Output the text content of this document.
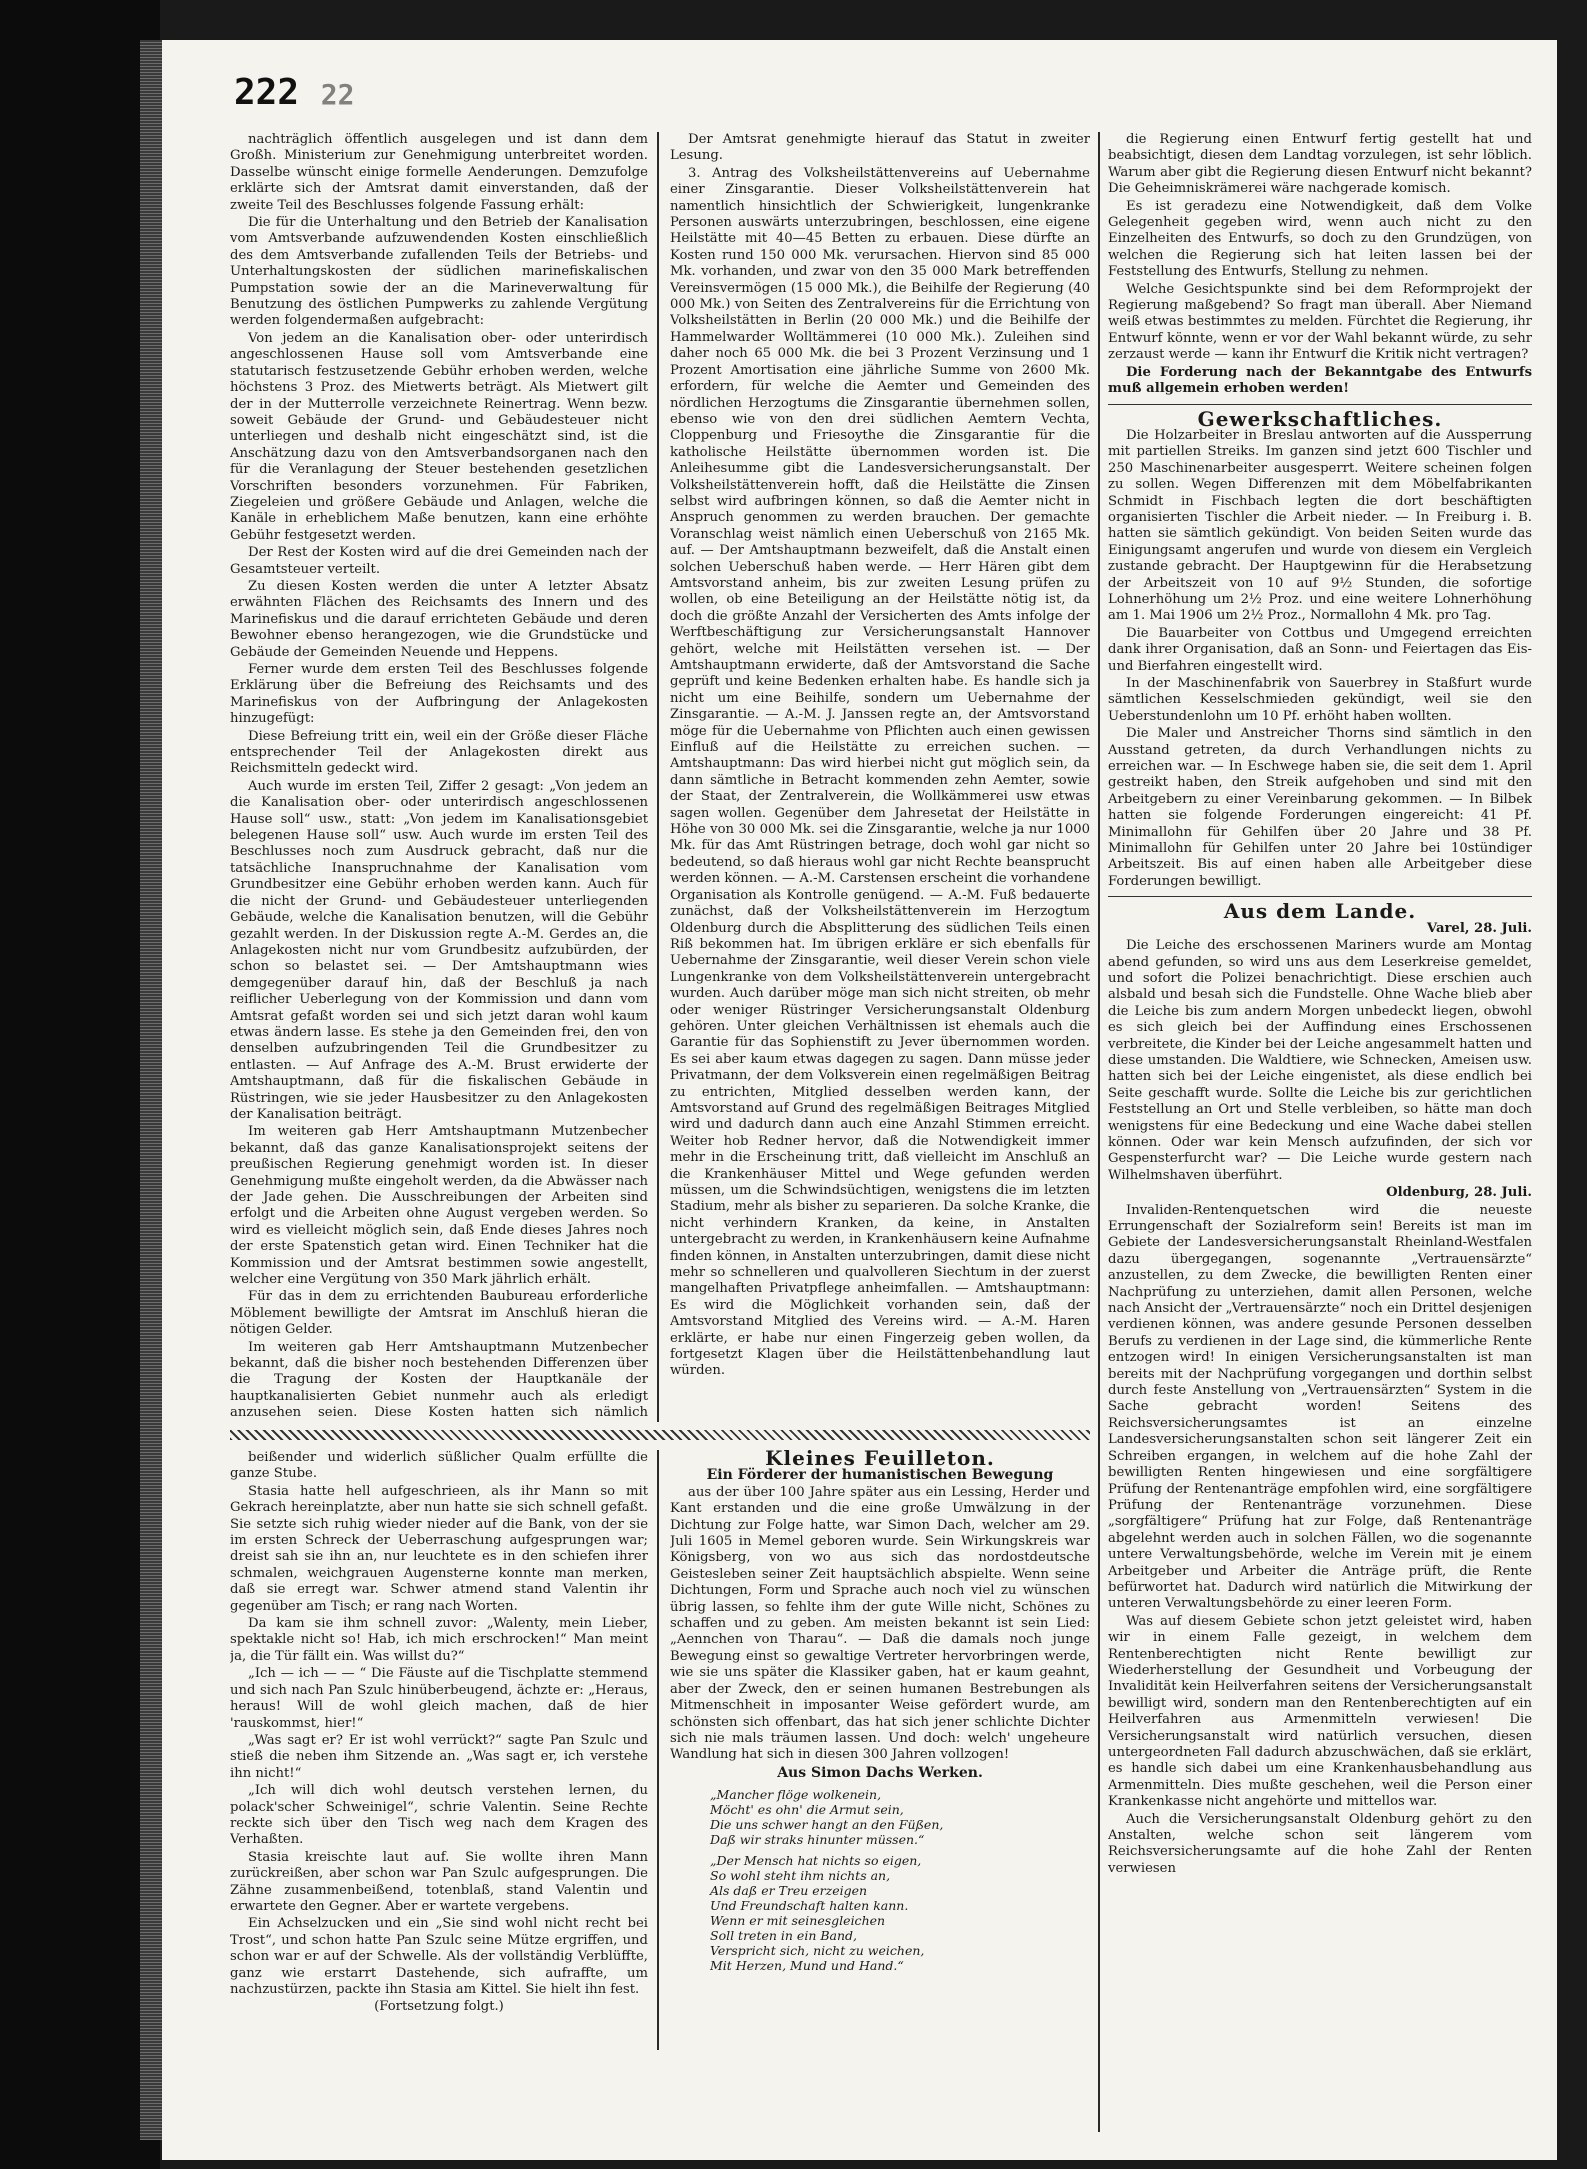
222 22

nachträglich öffentlich ausgelegen und ist dann dem Großh. Ministerium zur Genehmigung unterbreitet worden. Dasselbe wünscht einige formelle Aenderungen. Demzufolge erklärte sich der Amtsrat damit einverstanden, daß der zweite Teil des Beschlusses folgende Fassung erhält:

Die für die Unterhaltung und den Betrieb der Kanalisation vom Amtsverbande aufzuwendenden Kosten einschließlich des dem Amtsverbande zufallenden Teils der Betriebs- und Unterhaltungskosten der südlichen marinefiskalischen Pumpstation sowie der an die Marineverwaltung für Benutzung des östlichen Pumpwerks zu zahlende Vergütung werden folgendermaßen aufgebracht:

Von jedem an die Kanalisation ober- oder unterirdisch angeschlossenen Hause soll vom Amtsverbande eine statutarisch festzusetzende Gebühr erhoben werden, welche höchstens 3 Proz. des Mietwerts beträgt. Als Mietwert gilt der in der Mutterrolle verzeichnete Reinertrag. Wenn bezw. soweit Gebäude der Grund- und Gebäudesteuer nicht unterliegen und deshalb nicht eingeschätzt sind, ist die Anschätzung dazu von den Amtsverbandsorganen nach den für die Veranlagung der Steuer bestehenden gesetzlichen Vorschriften besonders vorzunehmen. Für Fabriken, Ziegeleien und größere Gebäude und Anlagen, welche die Kanäle in erheblichem Maße benutzen, kann eine erhöhte Gebühr festgesetzt werden.

Der Rest der Kosten wird auf die drei Gemeinden nach der Gesamtsteuer verteilt.

Zu diesen Kosten werden die unter A letzter Absatz erwähnten Flächen des Reichsamts des Innern und des Marinefiskus und die darauf errichteten Gebäude und deren Bewohner ebenso herangezogen, wie die Grundstücke und Gebäude der Gemeinden Neuende und Heppens.

Ferner wurde dem ersten Teil des Beschlusses folgende Erklärung über die Befreiung des Reichsamts und des Marinefiskus von der Aufbringung der Anlagekosten hinzugefügt:

Diese Befreiung tritt ein, weil ein der Größe dieser Fläche entsprechender Teil der Anlagekosten direkt aus Reichsmitteln gedeckt wird.

Auch wurde im ersten Teil, Ziffer 2 gesagt: „Von jedem an die Kanalisation ober- oder unterirdisch angeschlossenen Hause soll“ usw., statt: „Von jedem im Kanalisationsgebiet belegenen Hause soll“ usw. Auch wurde im ersten Teil des Beschlusses noch zum Ausdruck gebracht, daß nur die tatsächliche Inanspruchnahme der Kanalisation vom Grundbesitzer eine Gebühr erhoben werden kann. Auch für die nicht der Grund- und Gebäudesteuer unterliegenden Gebäude, welche die Kanalisation benutzen, will die Gebühr gezahlt werden. In der Diskussion regte A.-M. Gerdes an, die Anlagekosten nicht nur vom Grundbesitz aufzubürden, der schon so belastet sei. — Der Amtshauptmann wies demgegenüber darauf hin, daß der Beschluß ja nach reiflicher Ueberlegung von der Kommission und dann vom Amtsrat gefaßt worden sei und sich jetzt daran wohl kaum etwas ändern lasse. Es stehe ja den Gemeinden frei, den von denselben aufzubringenden Teil die Grundbesitzer zu entlasten. — Auf Anfrage des A.-M. Brust erwiderte der Amtshauptmann, daß für die fiskalischen Gebäude in Rüstringen, wie sie jeder Hausbesitzer zu den Anlagekosten der Kanalisation beiträgt.

Im weiteren gab Herr Amtshauptmann Mutzenbecher bekannt, daß das ganze Kanalisationsprojekt seitens der preußischen Regierung genehmigt worden ist. In dieser Genehmigung mußte eingeholt werden, da die Abwässer nach der Jade gehen. Die Ausschreibungen der Arbeiten sind erfolgt und die Arbeiten ohne August vergeben werden. So wird es vielleicht möglich sein, daß Ende dieses Jahres noch der erste Spatenstich getan wird. Einen Techniker hat die Kommission und der Amtsrat bestimmen sowie angestellt, welcher eine Vergütung von 350 Mark jährlich erhält.

Für das in dem zu errichtenden Baubureau erforderliche Möblement bewilligte der Amtsrat im Anschluß hieran die nötigen Gelder.

Im weiteren gab Herr Amtshauptmann Mutzenbecher bekannt, daß die bisher noch bestehenden Differenzen über die Tragung der Kosten der Hauptkanäle der hauptkanalisierten Gebiet nunmehr auch als erledigt anzusehen seien. Diese Kosten hatten sich nämlich

Der Amtsrat genehmigte hierauf das Statut in zweiter Lesung.

3. Antrag des Volksheilstättenvereins auf Uebernahme einer Zinsgarantie. Dieser Volksheilstättenverein hat namentlich hinsichtlich der Schwierigkeit, lungenkranke Personen auswärts unterzubringen, beschlossen, eine eigene Heilstätte mit 40—45 Betten zu erbauen. Diese dürfte an Kosten rund 150 000 Mk. verursachen. Hiervon sind 85 000 Mk. vorhanden, und zwar von den 35 000 Mark betreffenden Vereinsvermögen (15 000 Mk.), die Beihilfe der Regierung (40 000 Mk.) von Seiten des Zentralvereins für die Errichtung von Volksheilstätten in Berlin (20 000 Mk.) und die Beihilfe der Hammelwarder Wolltämmerei (10 000 Mk.). Zuleihen sind daher noch 65 000 Mk. die bei 3 Prozent Verzinsung und 1 Prozent Amortisation eine jährliche Summe von 2600 Mk. erfordern, für welche die Aemter und Gemeinden des nördlichen Herzogtums die Zinsgarantie übernehmen sollen, ebenso wie von den drei südlichen Aemtern Vechta, Cloppenburg und Friesoythe die Zinsgarantie für die katholische Heilstätte übernommen worden ist. Die Anleihesumme gibt die Landesversicherungsanstalt. Der Volksheilstättenverein hofft, daß die Heilstätte die Zinsen selbst wird aufbringen können, so daß die Aemter nicht in Anspruch genommen zu werden brauchen. Der gemachte Voranschlag weist nämlich einen Ueberschuß von 2165 Mk. auf. — Der Amtshauptmann bezweifelt, daß die Anstalt einen solchen Ueberschuß haben werde. — Herr Hären gibt dem Amtsvorstand anheim, bis zur zweiten Lesung prüfen zu wollen, ob eine Beteiligung an der Heilstätte nötig ist, da doch die größte Anzahl der Versicherten des Amts infolge der Werftbeschäftigung zur Versicherungsanstalt Hannover gehört, welche mit Heilstätten versehen ist. — Der Amtshauptmann erwiderte, daß der Amtsvorstand die Sache geprüft und keine Bedenken erhalten habe. Es handle sich ja nicht um eine Beihilfe, sondern um Uebernahme der Zinsgarantie. — A.-M. J. Janssen regte an, der Amtsvorstand möge für die Uebernahme von Pflichten auch einen gewissen Einfluß auf die Heilstätte zu erreichen suchen. — Amtshauptmann: Das wird hierbei nicht gut möglich sein, da dann sämtliche in Betracht kommenden zehn Aemter, sowie der Staat, der Zentralverein, die Wollkämmerei usw etwas sagen wollen. Gegenüber dem Jahresetat der Heilstätte in Höhe von 30 000 Mk. sei die Zinsgarantie, welche ja nur 1000 Mk. für das Amt Rüstringen betrage, doch wohl gar nicht so bedeutend, so daß hieraus wohl gar nicht Rechte beansprucht werden können. — A.-M. Carstensen erscheint die vorhandene Organisation als Kontrolle genügend. — A.-M. Fuß bedauerte zunächst, daß der Volksheilstättenverein im Herzogtum Oldenburg durch die Absplitterung des südlichen Teils einen Riß bekommen hat. Im übrigen erkläre er sich ebenfalls für Uebernahme der Zinsgarantie, weil dieser Verein schon viele Lungenkranke von dem Volksheilstättenverein untergebracht wurden. Auch darüber möge man sich nicht streiten, ob mehr oder weniger Rüstringer Versicherungsanstalt Oldenburg gehören. Unter gleichen Verhältnissen ist ehemals auch die Garantie für das Sophienstift zu Jever übernommen worden. Es sei aber kaum etwas dagegen zu sagen. Dann müsse jeder Privatmann, der dem Volksverein einen regelmäßigen Beitrag zu entrichten, Mitglied desselben werden kann, der Amtsvorstand auf Grund des regelmäßigen Beitrages Mitglied wird und dadurch dann auch eine Anzahl Stimmen erreicht. Weiter hob Redner hervor, daß die Notwendigkeit immer mehr in die Erscheinung tritt, daß vielleicht im Anschluß an die Krankenhäuser Mittel und Wege gefunden werden müssen, um die Schwindsüchtigen, wenigstens die im letzten Stadium, mehr als bisher zu separieren. Da solche Kranke, die nicht verhindern Kranken, da keine, in Anstalten untergebracht zu werden, in Krankenhäusern keine Aufnahme finden können, in Anstalten unterzubringen, damit diese nicht mehr so schnelleren und qualvolleren Siechtum in der zuerst mangelhaften Privatpflege anheimfallen. — Amtshauptmann: Es wird die Möglichkeit vorhanden sein, daß der Amtsvorstand Mitglied des Vereins wird. — A.-M. Haren erklärte, er habe nur einen Fingerzeig geben wollen, da fortgesetzt Klagen über die Heilstättenbehandlung laut würden.

die Regierung einen Entwurf fertig gestellt hat und beabsichtigt, diesen dem Landtag vorzulegen, ist sehr löblich. Warum aber gibt die Regierung diesen Entwurf nicht bekannt? Die Geheimniskrämerei wäre nachgerade komisch.

Es ist geradezu eine Notwendigkeit, daß dem Volke Gelegenheit gegeben wird, wenn auch nicht zu den Einzelheiten des Entwurfs, so doch zu den Grundzügen, von welchen die Regierung sich hat leiten lassen bei der Feststellung des Entwurfs, Stellung zu nehmen.

Welche Gesichtspunkte sind bei dem Reformprojekt der Regierung maßgebend? So fragt man überall. Aber Niemand weiß etwas bestimmtes zu melden. Fürchtet die Regierung, ihr Entwurf könnte, wenn er vor der Wahl bekannt würde, zu sehr zerzaust werde — kann ihr Entwurf die Kritik nicht vertragen?

Die Forderung nach der Bekanntgabe des Entwurfs muß allgemein erhoben werden!

Gewerkschaftliches.

Die Holzarbeiter in Breslau antworten auf die Aussperrung mit partiellen Streiks. Im ganzen sind jetzt 600 Tischler und 250 Maschinenarbeiter ausgesperrt. Weitere scheinen folgen zu sollen. Wegen Differenzen mit dem Möbelfabrikanten Schmidt in Fischbach legten die dort beschäftigten organisierten Tischler die Arbeit nieder. — In Freiburg i. B. hatten sie sämtlich gekündigt. Von beiden Seiten wurde das Einigungsamt angerufen und wurde von diesem ein Vergleich zustande gebracht. Der Hauptgewinn für die Herabsetzung der Arbeitszeit von 10 auf 9½ Stunden, die sofortige Lohnerhöhung um 2½ Proz. und eine weitere Lohnerhöhung am 1. Mai 1906 um 2½ Proz., Normallohn 4 Mk. pro Tag.

Die Bauarbeiter von Cottbus und Umgegend erreichten dank ihrer Organisation, daß an Sonn- und Feiertagen das Eis- und Bierfahren eingestellt wird.

In der Maschinenfabrik von Sauerbrey in Staßfurt wurde sämtlichen Kesselschmieden gekündigt, weil sie den Ueberstundenlohn um 10 Pf. erhöht haben wollten.

Die Maler und Anstreicher Thorns sind sämtlich in den Ausstand getreten, da durch Verhandlungen nichts zu erreichen war. — In Eschwege haben sie, die seit dem 1. April gestreikt haben, den Streik aufgehoben und sind mit den Arbeitgebern zu einer Vereinbarung gekommen. — In Bilbek hatten sie folgende Forderungen eingereicht: 41 Pf. Minimallohn für Gehilfen über 20 Jahre und 38 Pf. Minimallohn für Gehilfen unter 20 Jahre bei 10stündiger Arbeitszeit. Bis auf einen haben alle Arbeitgeber diese Forderungen bewilligt.

Aus dem Lande.

Varel, 28. Juli.

Die Leiche des erschossenen Mariners wurde am Montag abend gefunden, so wird uns aus dem Leserkreise gemeldet, und sofort die Polizei benachrichtigt. Diese erschien auch alsbald und besah sich die Fundstelle. Ohne Wache blieb aber die Leiche bis zum andern Morgen unbedeckt liegen, obwohl es sich gleich bei der Auffindung eines Erschossenen verbreitete, die Kinder bei der Leiche angesammelt hatten und diese umstanden. Die Waldtiere, wie Schnecken, Ameisen usw. hatten sich bei der Leiche eingenistet, als diese endlich bei Seite geschafft wurde. Sollte die Leiche bis zur gerichtlichen Feststellung an Ort und Stelle verbleiben, so hätte man doch wenigstens für eine Bedeckung und eine Wache dabei stellen können. Oder war kein Mensch aufzufinden, der sich vor Gespensterfurcht war? — Die Leiche wurde gestern nach Wilhelmshaven überführt.

Oldenburg, 28. Juli.

Invaliden-Rentenquetschen wird die neueste Errungenschaft der Sozialreform sein! Bereits ist man im Gebiete der Landesversicherungsanstalt Rheinland-Westfalen dazu übergegangen, sogenannte „Vertrauensärzte“ anzustellen, zu dem Zwecke, die bewilligten Renten einer Nachprüfung zu unterziehen, damit allen Personen, welche nach Ansicht der „Vertrauensärzte“ noch ein Drittel desjenigen verdienen können, was andere gesunde Personen desselben Berufs zu verdienen in der Lage sind, die kümmerliche Rente entzogen wird! In einigen Versicherungsanstalten ist man bereits mit der Nachprüfung vorgegangen und dorthin selbst durch feste Anstellung von „Vertrauensärzten“ System in die Sache gebracht worden! Seitens des Reichsversicherungsamtes ist an einzelne Landesversicherungsanstalten schon seit längerer Zeit ein Schreiben ergangen, in welchem auf die hohe Zahl der bewilligten Renten hingewiesen und eine sorgfältigere Prüfung der Rentenanträge empfohlen wird, eine sorgfältigere Prüfung der Rentenanträge vorzunehmen. Diese „sorgfältigere“ Prüfung hat zur Folge, daß Rentenanträge abgelehnt werden auch in solchen Fällen, wo die sogenannte untere Verwaltungsbehörde, welche im Verein mit je einem Arbeitgeber und Arbeiter die Anträge prüft, die Rente befürwortet hat. Dadurch wird natürlich die Mitwirkung der unteren Verwaltungsbehörde zu einer leeren Form.

Was auf diesem Gebiete schon jetzt geleistet wird, haben wir in einem Falle gezeigt, in welchem dem Rentenberechtigten nicht Rente bewilligt zur Wiederherstellung der Gesundheit und Vorbeugung der Invalidität kein Heilverfahren seitens der Versicherungsanstalt bewilligt wird, sondern man den Rentenberechtigten auf ein Heilverfahren aus Armenmitteln verwiesen! Die Versicherungsanstalt wird natürlich versuchen, diesen untergeordneten Fall dadurch abzuschwächen, daß sie erklärt, es handle sich dabei um eine Krankenhausbehandlung aus Armenmitteln. Dies mußte geschehen, weil die Person einer Krankenkasse nicht angehörte und mittellos war.

Auch die Versicherungsanstalt Oldenburg gehört zu den Anstalten, welche schon seit längerem vom Reichsversicherungsamte auf die hohe Zahl der Renten verwiesen

beißender und widerlich süßlicher Qualm erfüllte die ganze Stube.

Stasia hatte hell aufgeschrieen, als ihr Mann so mit Gekrach hereinplatzte, aber nun hatte sie sich schnell gefaßt. Sie setzte sich ruhig wieder nieder auf die Bank, von der sie im ersten Schreck der Ueberraschung aufgesprungen war; dreist sah sie ihn an, nur leuchtete es in den schiefen ihrer schmalen, weichgrauen Augensterne konnte man merken, daß sie erregt war. Schwer atmend stand Valentin ihr gegenüber am Tisch; er rang nach Worten.

Da kam sie ihm schnell zuvor: „Walenty, mein Lieber, spektakle nicht so! Hab, ich mich erschrocken!“ Man meint ja, die Tür fällt ein. Was willst du?“

„Ich — ich — — “ Die Fäuste auf die Tischplatte stemmend und sich nach Pan Szulc hinüberbeugend, ächzte er: „Heraus, heraus! Will de wohl gleich machen, daß de hier 'rauskommst, hier!“

„Was sagt er? Er ist wohl verrückt?“ sagte Pan Szulc und stieß die neben ihm Sitzende an. „Was sagt er, ich verstehe ihn nicht!“

„Ich will dich wohl deutsch verstehen lernen, du polack'scher Schweinigel“, schrie Valentin. Seine Rechte reckte sich über den Tisch weg nach dem Kragen des Verhaßten.

Stasia kreischte laut auf. Sie wollte ihren Mann zurückreißen, aber schon war Pan Szulc aufgesprungen. Die Zähne zusammenbeißend, totenblaß, stand Valentin und erwartete den Gegner. Aber er wartete vergebens.

Ein Achselzucken und ein „Sie sind wohl nicht recht bei Trost“, und schon hatte Pan Szulc seine Mütze ergriffen, und schon war er auf der Schwelle. Als der vollständig Verblüffte, ganz wie erstarrt Dastehende, sich aufraffte, um nachzustürzen, packte ihn Stasia am Kittel. Sie hielt ihn fest.

(Fortsetzung folgt.)

Kleines Feuilleton.

Ein Förderer der humanistischen Bewegung

aus der über 100 Jahre später aus ein Lessing, Herder und Kant erstanden und die eine große Umwälzung in der Dichtung zur Folge hatte, war Simon Dach, welcher am 29. Juli 1605 in Memel geboren wurde. Sein Wirkungskreis war Königsberg, von wo aus sich das nordostdeutsche Geistesleben seiner Zeit hauptsächlich abspielte. Wenn seine Dichtungen, Form und Sprache auch noch viel zu wünschen übrig lassen, so fehlte ihm der gute Wille nicht, Schönes zu schaffen und zu geben. Am meisten bekannt ist sein Lied: „Aennchen von Tharau“. — Daß die damals noch junge Bewegung einst so gewaltige Vertreter hervorbringen werde, wie sie uns später die Klassiker gaben, hat er kaum geahnt, aber der Zweck, den er seinen humanen Bestrebungen als Mitmenschheit in imposanter Weise gefördert wurde, am schönsten sich offenbart, das hat sich jener schlichte Dichter sich nie mals träumen lassen. Und doch: welch' ungeheure Wandlung hat sich in diesen 300 Jahren vollzogen!

Aus Simon Dachs Werken.

„Mancher flöge wolkenein,
Möcht' es ohn' die Armut sein,
Die uns schwer hangt an den Füßen,
Daß wir straks hinunter müssen.“
„Der Mensch hat nichts so eigen,
So wohl steht ihm nichts an,
Als daß er Treu erzeigen
Und Freundschaft halten kann.
Wenn er mit seinesgleichen
Soll treten in ein Band,
Verspricht sich, nicht zu weichen,
Mit Herzen, Mund und Hand.“
